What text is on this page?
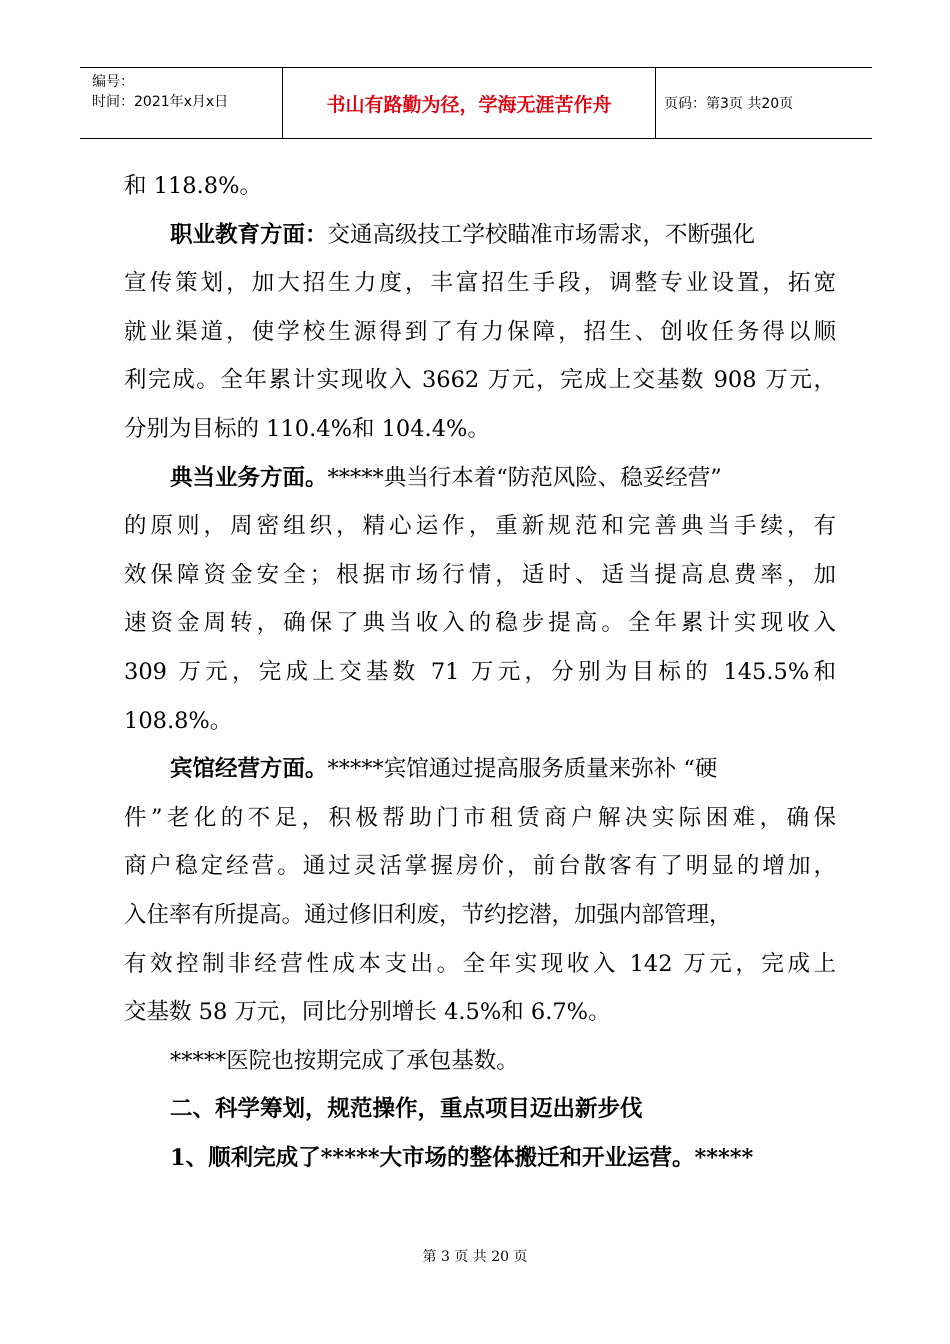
编号：
时间：2021年x月x日	书山有路勤为径，学海无涯苦作舟	页码：第3页 共20页
和 118.8%。
职业教育方面：交通高级技工学校瞄准市场需求，不断强化
宣传策划，加大招生力度，丰富招生手段，调整专业设置，拓宽
就业渠道，使学校生源得到了有力保障，招生、创收任务得以顺
利完成。全年累计实现收入 3662 万元，完成上交基数 908 万元，
分别为目标的 110.4%和 104.4%。
典当业务方面。*****典当行本着“防范风险、稳妥经营”
的原则，周密组织，精心运作，重新规范和完善典当手续，有
效保障资金安全；根据市场行情，适时、适当提高息费率，加
速资金周转，确保了典当收入的稳步提高。全年累计实现收入
309 万元，完成上交基数 71 万元，分别为目标的 145.5%和
108.8%。
宾馆经营方面。*****宾馆通过提高服务质量来弥补 “硬
件”老化的不足，积极帮助门市租赁商户解决实际困难，确保
商户稳定经营。通过灵活掌握房价，前台散客有了明显的增加，
入住率有所提高。通过修旧利废，节约挖潜，加强内部管理，
有效控制非经营性成本支出。全年实现收入 142 万元，完成上
交基数 58 万元，同比分别增长 4.5%和 6.7%。
*****医院也按期完成了承包基数。
二、科学筹划，规范操作，重点项目迈出新步伐
1、顺利完成了*****大市场的整体搬迁和开业运营。*****
第 3 页 共 20 页
